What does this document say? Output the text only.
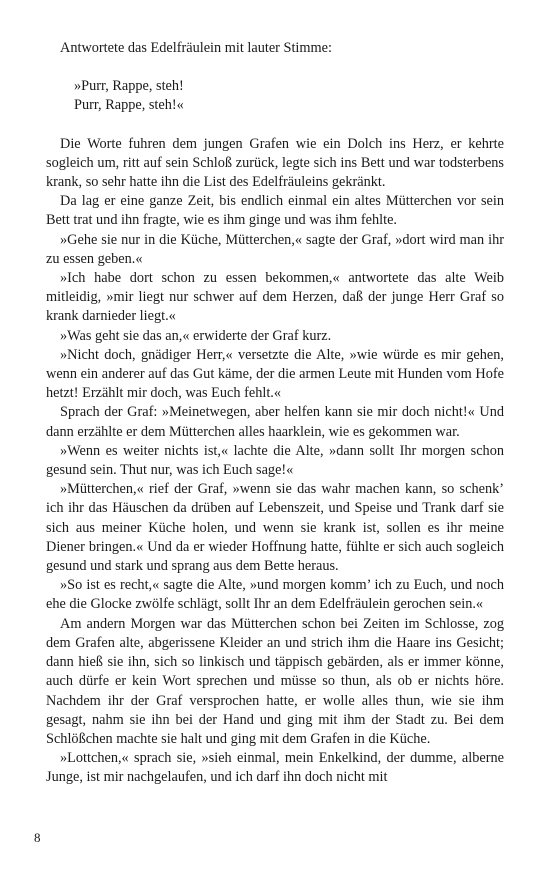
Antwortete das Edelfräulein mit lauter Stimme:

»Purr, Rappe, steh!
Purr, Rappe, steh!«

Die Worte fuhren dem jungen Grafen wie ein Dolch ins Herz, er kehrte sogleich um, ritt auf sein Schloß zurück, legte sich ins Bett und war todsterbens krank, so sehr hatte ihn die List des Edelfräuleins gekränkt.

Da lag er eine ganze Zeit, bis endlich einmal ein altes Mütterchen vor sein Bett trat und ihn fragte, wie es ihm ginge und was ihm fehlte.

»Gehe sie nur in die Küche, Mütterchen,« sagte der Graf, »dort wird man ihr zu essen geben.«

»Ich habe dort schon zu essen bekommen,« antwortete das alte Weib mitleidig, »mir liegt nur schwer auf dem Herzen, daß der junge Herr Graf so krank darnieder liegt.«

»Was geht sie das an,« erwiderte der Graf kurz.

»Nicht doch, gnädiger Herr,« versetzte die Alte, »wie würde es mir gehen, wenn ein anderer auf das Gut käme, der die armen Leute mit Hunden vom Hofe hetzt! Erzählt mir doch, was Euch fehlt.«

Sprach der Graf: »Meinetwegen, aber helfen kann sie mir doch nicht!« Und dann erzählte er dem Mütterchen alles haarklein, wie es gekommen war.

»Wenn es weiter nichts ist,« lachte die Alte, »dann sollt Ihr morgen schon gesund sein. Thut nur, was ich Euch sage!«

»Mütterchen,« rief der Graf, »wenn sie das wahr machen kann, so schenk’ ich ihr das Häuschen da drüben auf Lebenszeit, und Speise und Trank darf sie sich aus meiner Küche holen, und wenn sie krank ist, sollen es ihr meine Diener bringen.« Und da er wieder Hoffnung hatte, fühlte er sich auch sogleich gesund und stark und sprang aus dem Bette heraus.

»So ist es recht,« sagte die Alte, »und morgen komm’ ich zu Euch, und noch ehe die Glocke zwölfe schlägt, sollt Ihr an dem Edelfräulein gerochen sein.«

Am andern Morgen war das Mütterchen schon bei Zeiten im Schlosse, zog dem Grafen alte, abgerissene Kleider an und strich ihm die Haare ins Gesicht; dann hieß sie ihn, sich so linkisch und täppisch gebärden, als er immer könne, auch dürfe er kein Wort sprechen und müsse so thun, als ob er nichts höre. Nachdem ihr der Graf versprochen hatte, er wolle alles thun, wie sie ihm gesagt, nahm sie ihn bei der Hand und ging mit ihm der Stadt zu. Bei dem Schlößchen machte sie halt und ging mit dem Grafen in die Küche.

»Lottchen,« sprach sie, »sieh einmal, mein Enkelkind, der dumme, alberne Junge, ist mir nachgelaufen, und ich darf ihn doch nicht mit

8
